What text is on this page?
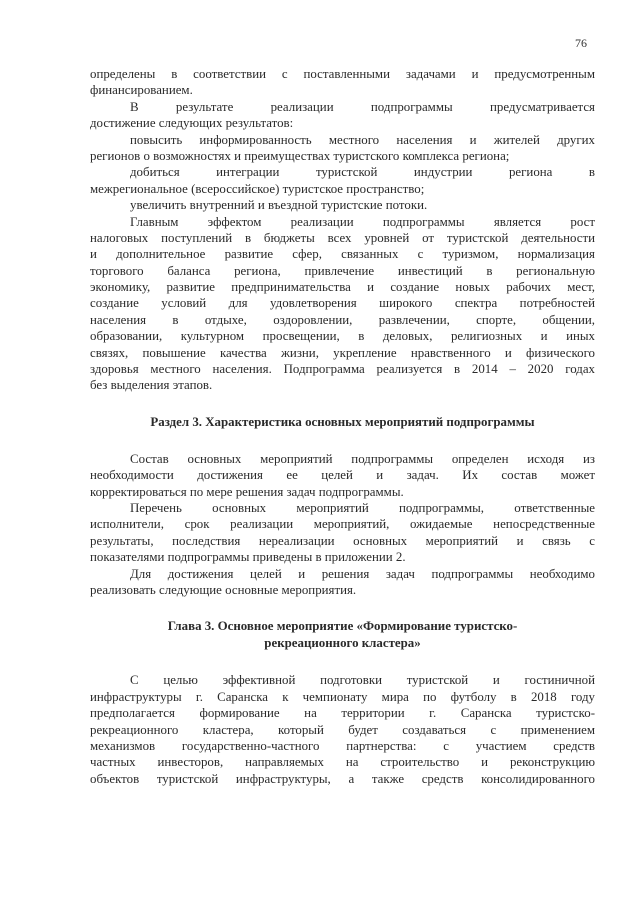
76
определены в соответствии с поставленными задачами и предусмотренным
финансированием.
В результате реализации подпрограммы предусматривается
достижение следующих результатов:
повысить информированность местного населения и жителей других
регионов о возможностях и преимуществах туристского комплекса региона;
добиться интеграции туристской индустрии региона в
межрегиональное (всероссийское) туристское пространство;
увеличить внутренний и въездной туристские потоки.
Главным эффектом реализации подпрограммы является рост
налоговых поступлений в бюджеты всех уровней от туристской деятельности
и дополнительное развитие сфер, связанных с туризмом, нормализация
торгового баланса региона, привлечение инвестиций в региональную
экономику, развитие предпринимательства и создание новых рабочих мест,
создание условий для удовлетворения широкого спектра потребностей
населения в отдыхе, оздоровлении, развлечении, спорте, общении,
образовании, культурном просвещении, в деловых, религиозных и иных
связях, повышение качества жизни, укрепление нравственного и физического
здоровья местного населения. Подпрограмма реализуется в 2014 – 2020 годах
без выделения этапов.
Раздел 3. Характеристика основных мероприятий подпрограммы
Состав основных мероприятий подпрограммы определен исходя из
необходимости достижения ее целей и задач. Их состав может
корректироваться по мере решения задач подпрограммы.
Перечень основных мероприятий подпрограммы, ответственные
исполнители, срок реализации мероприятий, ожидаемые непосредственные
результаты, последствия нереализации основных мероприятий и связь с
показателями подпрограммы приведены в приложении 2.
Для достижения целей и решения задач подпрограммы необходимо
реализовать следующие основные мероприятия.
Глава 3. Основное мероприятие «Формирование туристско-
рекреационного кластера»
С целью эффективной подготовки туристской и гостиничной
инфраструктуры г. Саранска к чемпионату мира по футболу в 2018 году
предполагается формирование на территории г. Саранска туристско-
рекреационного кластера, который будет создаваться с применением
механизмов государственно-частного партнерства: с участием средств
частных инвесторов, направляемых на строительство и реконструкцию
объектов туристской инфраструктуры, а также средств консолидированного
